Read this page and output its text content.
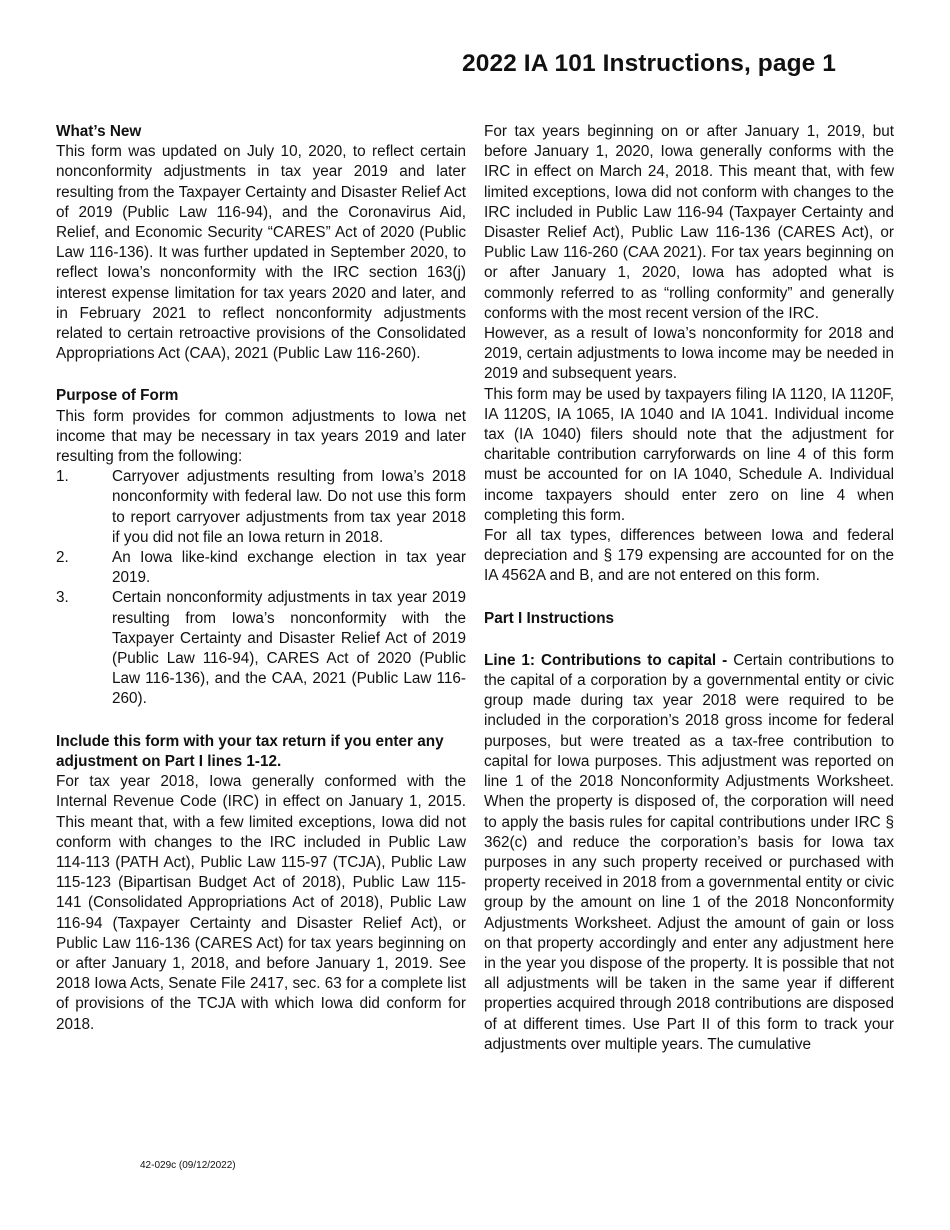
2022 IA 101 Instructions, page 1
What’s New

This form was updated on July 10, 2020, to reflect certain nonconformity adjustments in tax year 2019 and later resulting from the Taxpayer Certainty and Disaster Relief Act of 2019 (Public Law 116-94), and the Coronavirus Aid, Relief, and Economic Security “CARES” Act of 2020 (Public Law 116-136). It was further updated in September 2020, to reflect Iowa’s nonconformity with the IRC section 163(j) interest expense limitation for tax years 2020 and later, and in February 2021 to reflect nonconformity adjustments related to certain retroactive provisions of the Consolidated Appropriations Act (CAA), 2021 (Public Law 116-260).

Purpose of Form

This form provides for common adjustments to Iowa net income that may be necessary in tax years 2019 and later resulting from the following:

1.	Carryover adjustments resulting from Iowa’s 2018 nonconformity with federal law. Do not use this form to report carryover adjustments from tax year 2018 if you did not file an Iowa return in 2018.
2.	An Iowa like-kind exchange election in tax year 2019.
3.	Certain nonconformity adjustments in tax year 2019 resulting from Iowa’s nonconformity with the Taxpayer Certainty and Disaster Relief Act of 2019 (Public Law 116-94), CARES Act of 2020 (Public Law 116-136), and the CAA, 2021 (Public Law 116-260).
Include this form with your tax return if you enter any adjustment on Part I lines 1-12.

For tax year 2018, Iowa generally conformed with the Internal Revenue Code (IRC) in effect on January 1, 2015. This meant that, with a few limited exceptions, Iowa did not conform with changes to the IRC included in Public Law 114-113 (PATH Act), Public Law 115-97 (TCJA), Public Law 115-123 (Bipartisan Budget Act of 2018), Public Law 115-141 (Consolidated Appropriations Act of 2018), Public Law 116-94 (Taxpayer Certainty and Disaster Relief Act), or Public Law 116-136 (CARES Act) for tax years beginning on or after January 1, 2018, and before January 1, 2019. See 2018 Iowa Acts, Senate File 2417, sec. 63 for a complete list of provisions of the TCJA with which Iowa did conform for 2018.

For tax years beginning on or after January 1, 2019, but before January 1, 2020, Iowa generally conforms with the IRC in effect on March 24, 2018. This meant that, with few limited exceptions, Iowa did not conform with changes to the IRC included in Public Law 116-94 (Taxpayer Certainty and Disaster Relief Act), Public Law 116-136 (CARES Act), or Public Law 116-260 (CAA 2021). For tax years beginning on or after January 1, 2020, Iowa has adopted what is commonly referred to as “rolling conformity” and generally conforms with the most recent version of the IRC.

However, as a result of Iowa’s nonconformity for 2018 and 2019, certain adjustments to Iowa income may be needed in 2019 and subsequent years.

This form may be used by taxpayers filing IA 1120, IA 1120F, IA 1120S, IA 1065, IA 1040 and IA 1041. Individual income tax (IA 1040) filers should note that the adjustment for charitable contribution carryforwards on line 4 of this form must be accounted for on IA 1040, Schedule A. Individual income taxpayers should enter zero on line 4 when completing this form.

For all tax types, differences between Iowa and federal depreciation and § 179 expensing are accounted for on the IA 4562A and B, and are not entered on this form.

Part I Instructions

Line 1: Contributions to capital - Certain contributions to the capital of a corporation by a governmental entity or civic group made during tax year 2018 were required to be included in the corporation’s 2018 gross income for federal purposes, but were treated as a tax-free contribution to capital for Iowa purposes. This adjustment was reported on line 1 of the 2018 Nonconformity Adjustments Worksheet. When the property is disposed of, the corporation will need to apply the basis rules for capital contributions under IRC § 362(c) and reduce the corporation’s basis for Iowa tax purposes in any such property received or purchased with property received in 2018 from a governmental entity or civic group by the amount on line 1 of the 2018 Nonconformity Adjustments Worksheet. Adjust the amount of gain or loss on that property accordingly and enter any adjustment here in the year you dispose of the property. It is possible that not all adjustments will be taken in the same year if different properties acquired through 2018 contributions are disposed of at different times. Use Part II of this form to track your adjustments over multiple years. The cumulative

42-029c (09/12/2022)
